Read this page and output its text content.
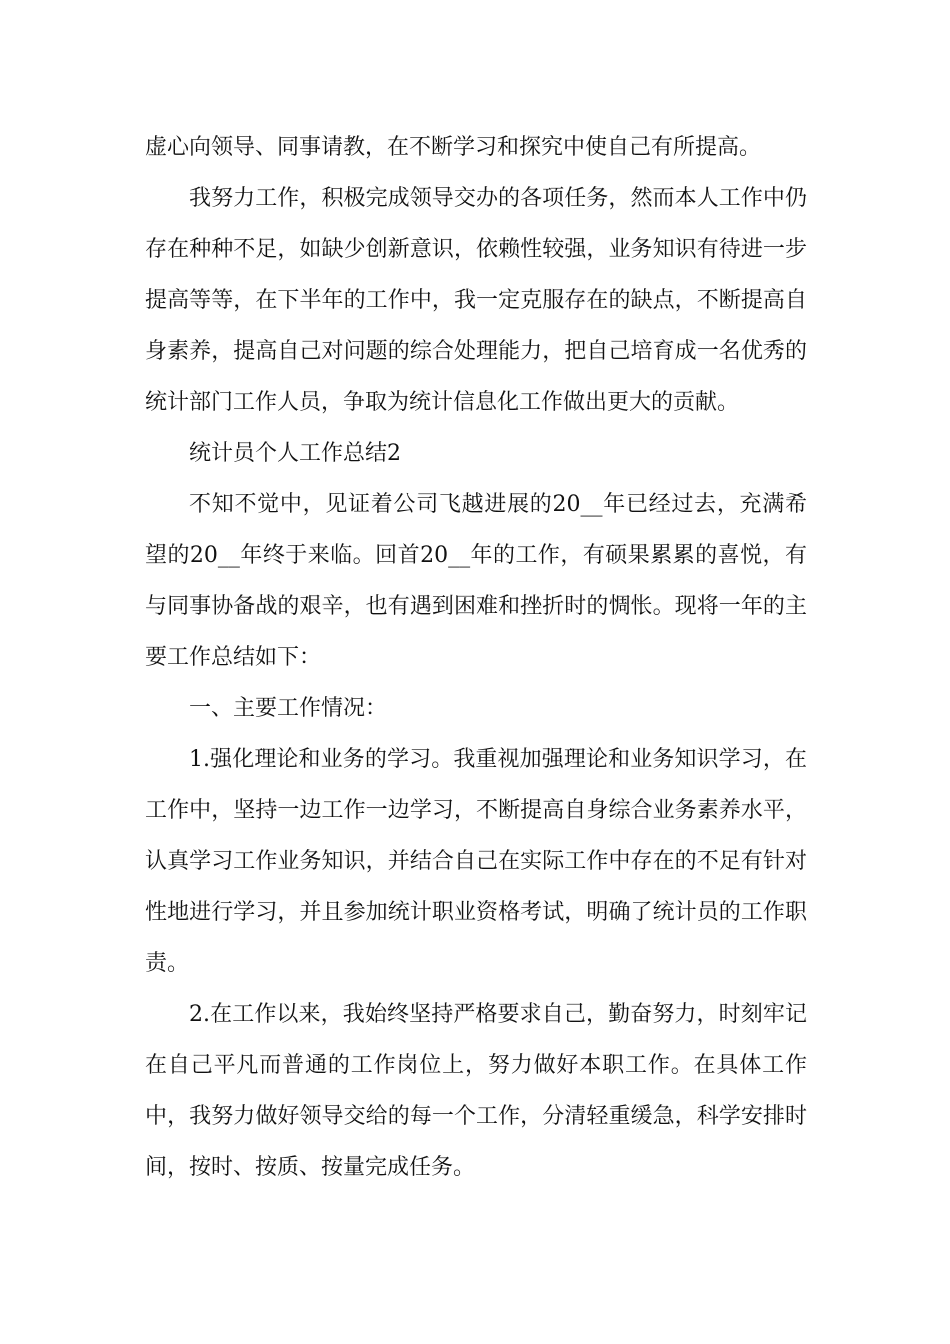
虚心向领导、同事请教，在不断学习和探究中使自己有所提高。

我努力工作，积极完成领导交办的各项任务，然而本人工作中仍存在种种不足，如缺少创新意识，依赖性较强，业务知识有待进一步提高等等，在下半年的工作中，我一定克服存在的缺点，不断提高自身素养，提高自己对问题的综合处理能力，把自己培育成一名优秀的统计部门工作人员，争取为统计信息化工作做出更大的贡献。

统计员个人工作总结2

不知不觉中，见证着公司飞越进展的20__年已经过去，充满希望的20__年终于来临。回首20__年的工作，有硕果累累的喜悦，有与同事协备战的艰辛，也有遇到困难和挫折时的惆怅。现将一年的主要工作总结如下：

一、主要工作情况：

1.强化理论和业务的学习。我重视加强理论和业务知识学习，在工作中，坚持一边工作一边学习，不断提高自身综合业务素养水平，认真学习工作业务知识，并结合自己在实际工作中存在的不足有针对性地进行学习，并且参加统计职业资格考试，明确了统计员的工作职责。

2.在工作以来，我始终坚持严格要求自己，勤奋努力，时刻牢记在自己平凡而普通的工作岗位上，努力做好本职工作。在具体工作中，我努力做好领导交给的每一个工作，分清轻重缓急，科学安排时间，按时、按质、按量完成任务。
